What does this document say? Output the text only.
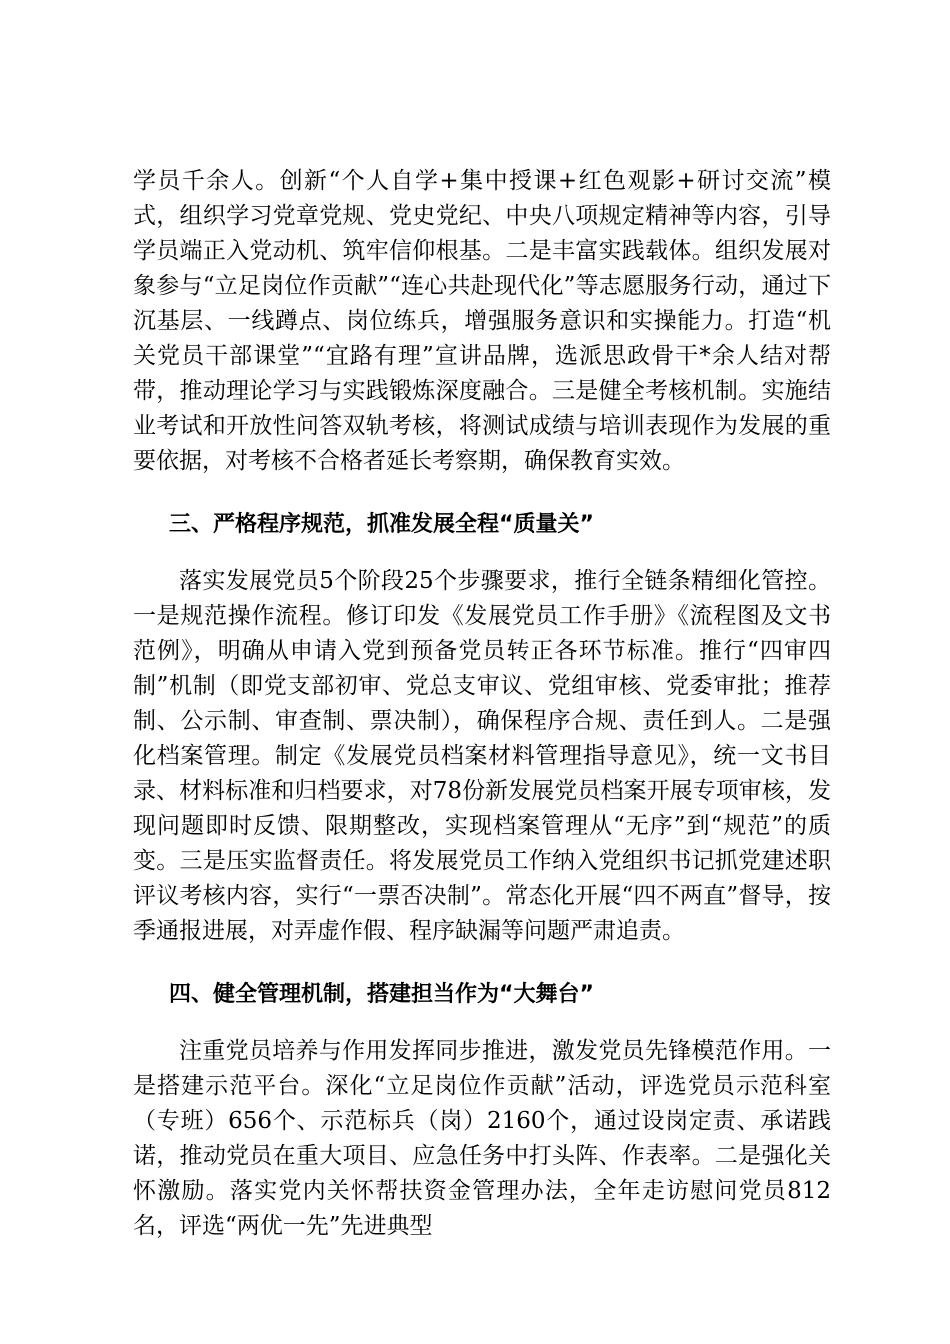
学员千余人。创新“个人自学+集中授课+红色观影+研讨交流”模式，组织学习党章党规、党史党纪、中央八项规定精神等内容，引导学员端正入党动机、筑牢信仰根基。二是丰富实践载体。组织发展对象参与“立足岗位作贡献”“连心共赴现代化”等志愿服务行动，通过下沉基层、一线蹲点、岗位练兵，增强服务意识和实操能力。打造“机关党员干部课堂”“宜路有理”宣讲品牌，选派思政骨干*余人结对帮带，推动理论学习与实践锻炼深度融合。三是健全考核机制。实施结业考试和开放性问答双轨考核，将测试成绩与培训表现作为发展的重要依据，对考核不合格者延长考察期，确保教育实效。

三、严格程序规范，抓准发展全程“质量关”

落实发展党员5个阶段25个步骤要求，推行全链条精细化管控。一是规范操作流程。修订印发《发展党员工作手册》《流程图及文书范例》，明确从申请入党到预备党员转正各环节标准。推行“四审四制”机制（即党支部初审、党总支审议、党组审核、党委审批；推荐制、公示制、审查制、票决制），确保程序合规、责任到人。二是强化档案管理。制定《发展党员档案材料管理指导意见》，统一文书目录、材料标准和归档要求，对78份新发展党员档案开展专项审核，发现问题即时反馈、限期整改，实现档案管理从“无序”到“规范”的质变。三是压实监督责任。将发展党员工作纳入党组织书记抓党建述职评议考核内容，实行“一票否决制”。常态化开展“四不两直”督导，按季通报进展，对弄虚作假、程序缺漏等问题严肃追责。

四、健全管理机制，搭建担当作为“大舞台”

注重党员培养与作用发挥同步推进，激发党员先锋模范作用。一是搭建示范平台。深化“立足岗位作贡献”活动，评选党员示范科室（专班）656个、示范标兵（岗）2160个，通过设岗定责、承诺践诺，推动党员在重大项目、应急任务中打头阵、作表率。二是强化关怀激励。落实党内关怀帮扶资金管理办法，全年走访慰问党员812名，评选“两优一先”先进典型
